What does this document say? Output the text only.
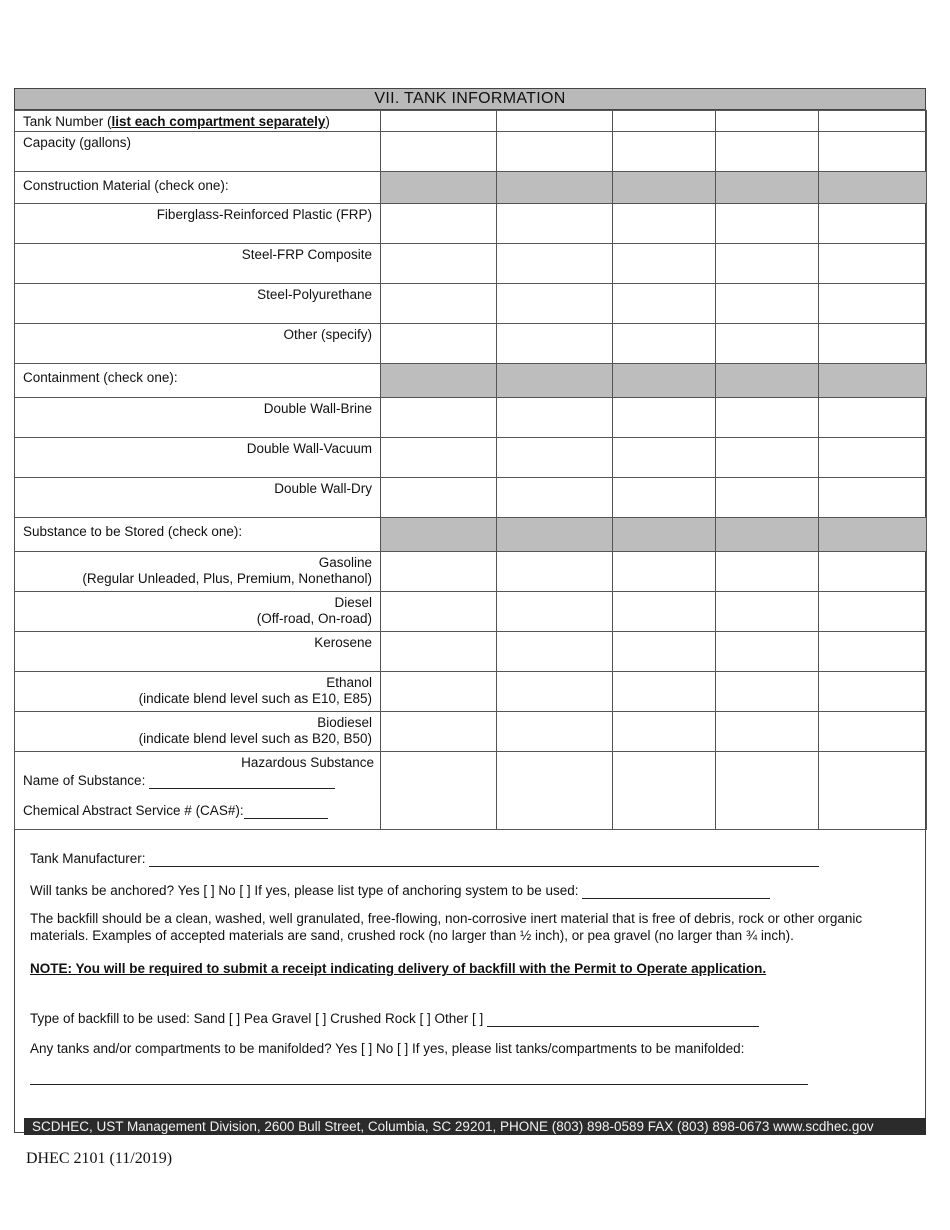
VII. TANK INFORMATION
Tank Number (list each compartment separately)					
Capacity (gallons)					
Construction Material (check one):					
Fiberglass-Reinforced Plastic (FRP)					
Steel-FRP Composite					
Steel-Polyurethane					
Other (specify)					
Containment (check one):					
Double Wall-Brine					
Double Wall-Vacuum					
Double Wall-Dry					
Substance to be Stored (check one):					

Gasoline
(Regular Unleaded, Plus, Premium, Nonethanol)					

Diesel
(Off-road, On-road)					

Kerosene					

Ethanol
(indicate blend level such as E10, E85)					

Biodiesel
(indicate blend level such as B20, B50)					

Hazardous Substance
Name of Substance:
Chemical Abstract Service # (CAS#):					

Tank Manufacturer:
Will tanks be anchored? Yes [ ] No [ ] If yes, please list type of anchoring system to be used:
The backfill should be a clean, washed, well granulated, free-flowing, non-corrosive inert material that is free of debris, rock or other organic materials. Examples of accepted materials are sand, crushed rock (no larger than ½ inch), or pea gravel (no larger than ¾ inch).
NOTE: You will be required to submit a receipt indicating delivery of backfill with the Permit to Operate application.
Type of backfill to be used: Sand [ ] Pea Gravel [ ] Crushed Rock [ ] Other [ ]
Any tanks and/or compartments to be manifolded? Yes [ ] No [ ] If yes, please list tanks/compartments to be manifolded:
SCDHEC, UST Management Division, 2600 Bull Street, Columbia, SC 29201, PHONE (803) 898-0589 FAX (803) 898-0673 www.scdhec.gov
DHEC 2101 (11/2019)
